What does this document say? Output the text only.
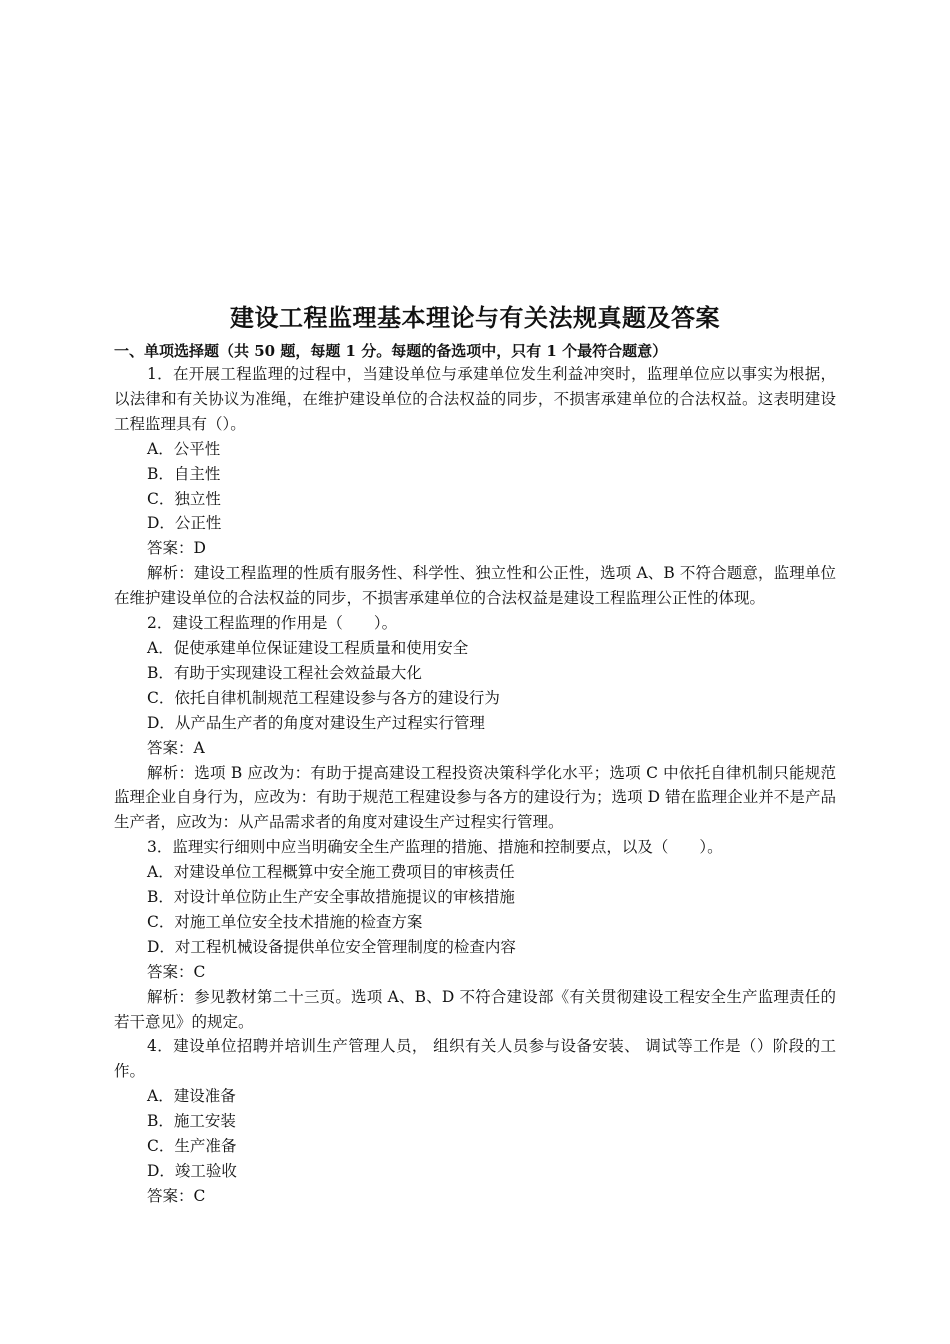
建设工程监理基本理论与有关法规真题及答案
一、单项选择题（共 50 题，每题 1 分。每题的备选项中，只有 1 个最符合题意）

1．在开展工程监理的过程中，当建设单位与承建单位发生利益冲突时，监理单位应以事实为根据，以法律和有关协议为准绳，在维护建设单位的合法权益的同步，不损害承建单位的合法权益。这表明建设工程监理具有（）。

A．公平性

B．自主性

C．独立性

D．公正性

答案：D

解析：建设工程监理的性质有服务性、科学性、独立性和公正性，选项 A、B 不符合题意，监理单位在维护建设单位的合法权益的同步，不损害承建单位的合法权益是建设工程监理公正性的体现。

2．建设工程监理的作用是（　　）。

A．促使承建单位保证建设工程质量和使用安全

B．有助于实现建设工程社会效益最大化

C．依托自律机制规范工程建设参与各方的建设行为

D．从产品生产者的角度对建设生产过程实行管理

答案：A

解析：选项 B 应改为：有助于提高建设工程投资决策科学化水平；选项 C 中依托自律机制只能规范监理企业自身行为，应改为：有助于规范工程建设参与各方的建设行为；选项 D 错在监理企业并不是产品生产者，应改为：从产品需求者的角度对建设生产过程实行管理。

3．监理实行细则中应当明确安全生产监理的措施、措施和控制要点，以及（　　）。

A．对建设单位工程概算中安全施工费项目的审核责任

B．对设计单位防止生产安全事故措施提议的审核措施

C．对施工单位安全技术措施的检查方案

D．对工程机械设备提供单位安全管理制度的检查内容

答案：C

解析：参见教材第二十三页。选项 A、B、D 不符合建设部《有关贯彻建设工程安全生产监理责任的若干意见》的规定。

4．建设单位招聘并培训生产管理人员， 组织有关人员参与设备安装、 调试等工作是（）阶段的工作。

A．建设准备

B．施工安装

C．生产准备

D．竣工验收

答案：C
